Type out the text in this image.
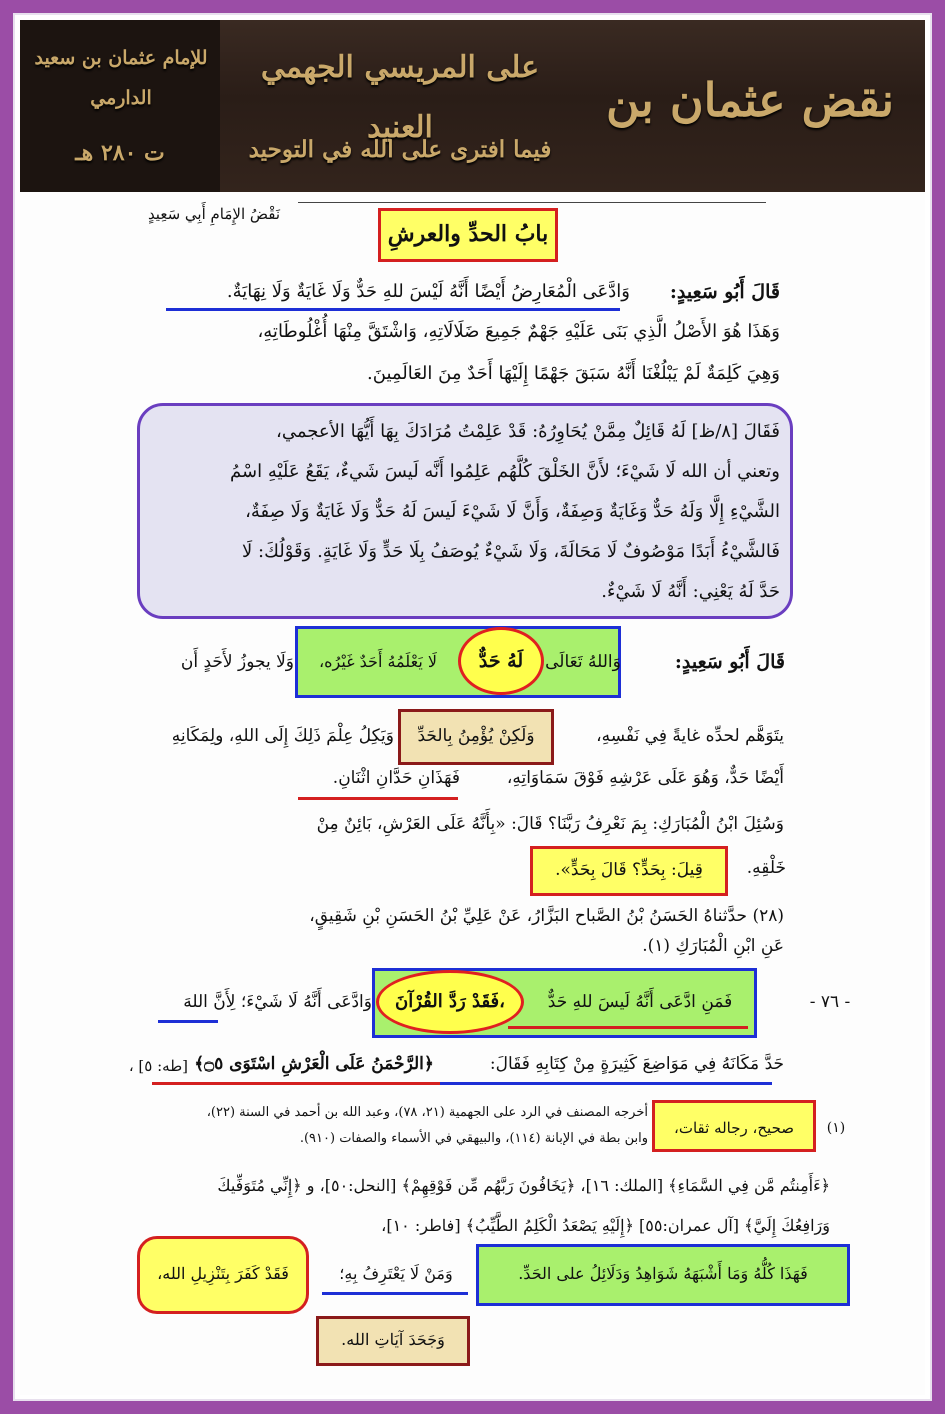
للإمام عثمان بن سعيد الدارمي
ت ٢٨٠ هـ
نقض عثمان بن
على المريسي الجهمي العنيد
فيما افترى على الله في التوحيد
نَقْضُ الإِمَامِ أَبِي سَعِيدٍ
بابُ الحدِّ والعرشِ
قَالَ أَبُو سَعِيدٍ:
وَادَّعَى الْمُعَارِضُ أَيْضًا أَنَّهُ لَيْسَ للهِ حَدٌّ وَلَا غَايَةٌ وَلَا نِهَايَةٌ.
وَهَذَا هُوَ الأَصْلُ الَّذِي بَنَى عَلَيْهِ جَهْمٌ جَمِيعَ ضَلَالَاتِهِ، وَاشْتَقَّ مِنْهَا أُغْلُوطَاتِهِ،
وَهِيَ كَلِمَةٌ لَمْ يَبْلُغْنَا أَنَّهُ سَبَقَ جَهْمًا إِلَيْهَا أَحَدٌ مِنَ العَالَمِينَ.
فَقَالَ [٨/ظ] لَهُ قَائِلٌ مِمَّنْ يُحَاوِرُهُ: قَدْ عَلِمْتُ مُرَادَكَ بِهَا أَيُّهَا الأعجمي،
وتعني أن الله لَا شَيْءَ؛ لأَنَّ الخَلْقَ كُلَّهُم عَلِمُوا أَنَّه لَيسَ شَيءٌ، يَقَعُ عَلَيْهِ اسْمُ
الشَّيْءِ إِلَّا وَلَهُ حَدٌّ وَغَايَةٌ وَصِفَةٌ، وَأَنَّ لَا شَيْءَ لَيسَ لَهُ حَدٌّ وَلَا غَايَةٌ وَلَا صِفَةٌ،
فَالشَّيْءُ أَبَدًا مَوْصُوفٌ لَا مَحَالَةَ، وَلَا شَيْءٌ يُوصَفُ بِلَا حَدٍّ وَلَا غَايَةٍ. وَقَوْلُكَ: لَا
حَدَّ لَهُ يَعْنِي: أَنَّهُ لَا شَيْءٌ.
لَهُ حَدٌّ	قَالَ أَبُو سَعِيدٍ:
وَاللهُ تَعَالَى
لَا يَعْلَمُهُ أَحَدٌ غَيْرُه،
وَلَا يجوزُ لأَحَدٍ أَن
يتَوَهَّم لحدِّه غايةً فِي نَفْسِهِ،
وَلَكِنْ يُؤْمِنُ بِالحَدِّ
وَيَكِلُ عِلْمَ ذَلِكَ إِلَى اللهِ، ولِمَكَانِهِ
أَيْضًا حَدٌّ، وَهُوَ عَلَى عَرْشِهِ فَوْقَ سَمَاوَاتِهِ،
فَهَذَانِ حَدَّانِ اثْنَانِ.
وَسُئِلَ ابْنُ الْمُبَارَكِ: بِمَ نَعْرِفُ رَبَّنَا؟ قَالَ: «بِأَنَّهُ عَلَى العَرْشِ، بَائِنٌ مِنْ
خَلْقِهِ.
قِيلَ: بِحَدٍّ؟ قَالَ بِحَدٍّ».
(٢٨) حدَّثناهُ الحَسَنُ بْنُ الصَّباح البَزَّارُ، عَنْ عَلِيِّ بْنُ الحَسَنِ بْنِ شَقِيقٍ،
عَنِ ابْنِ الْمُبَارَكِ (١).
فَقَدْ رَدَّ القُرْآنَ،	فَمَنِ ادَّعَى أَنَّهُ لَيسَ للهِ حَدٌّ
وَادَّعَى أَنَّهُ لَا شَيْءَ؛ لِأَنَّ اللهَ	- ٧٦ -
حَدَّ مَكَانَهُ فِي مَوَاضِعَ كَثِيرَةٍ مِنْ كِتَابِهِ فَقَالَ:
﴿الرَّحْمَنُ عَلَى الْعَرْشِ اسْتَوَى ۝٥﴾
[طه: ٥] ،
(١)
صحيح، رجاله ثقات،
أخرجه المصنف في الرد على الجهمية (٢١، ٧٨)، وعبد الله بن أحمد في السنة (٢٢)،
وابن بطة في الإبانة (١١٤)، والبيهقي في الأسماء والصفات (٩١٠).
﴿ءَأَمِنتُم مَّن فِي السَّمَاءِ﴾ [الملك: ١٦]، ﴿يَخَافُونَ رَبَّهُم مِّن فَوْقِهِمْ﴾ [النحل:٥٠]، و ﴿إِنِّي مُتَوَفِّيكَ
وَرَافِعُكَ إِلَيَّ﴾ [آل عمران:٥٥] ﴿إِلَيْهِ يَصْعَدُ الْكَلِمُ الطَّيِّبُ﴾ [فاطر: ١٠]،
فَهَذَا كُلُّهُ وَمَا أَشْبَهَهُ شَوَاهِدُ وَدَلَائِلُ على الحَدِّ.
وَمَنْ لَا يَعْتَرِفُ بِهِ؛
فَقَدْ كَفَرَ بِتَنْزِيلِ الله،
وَجَحَدَ آيَاتِ الله.
